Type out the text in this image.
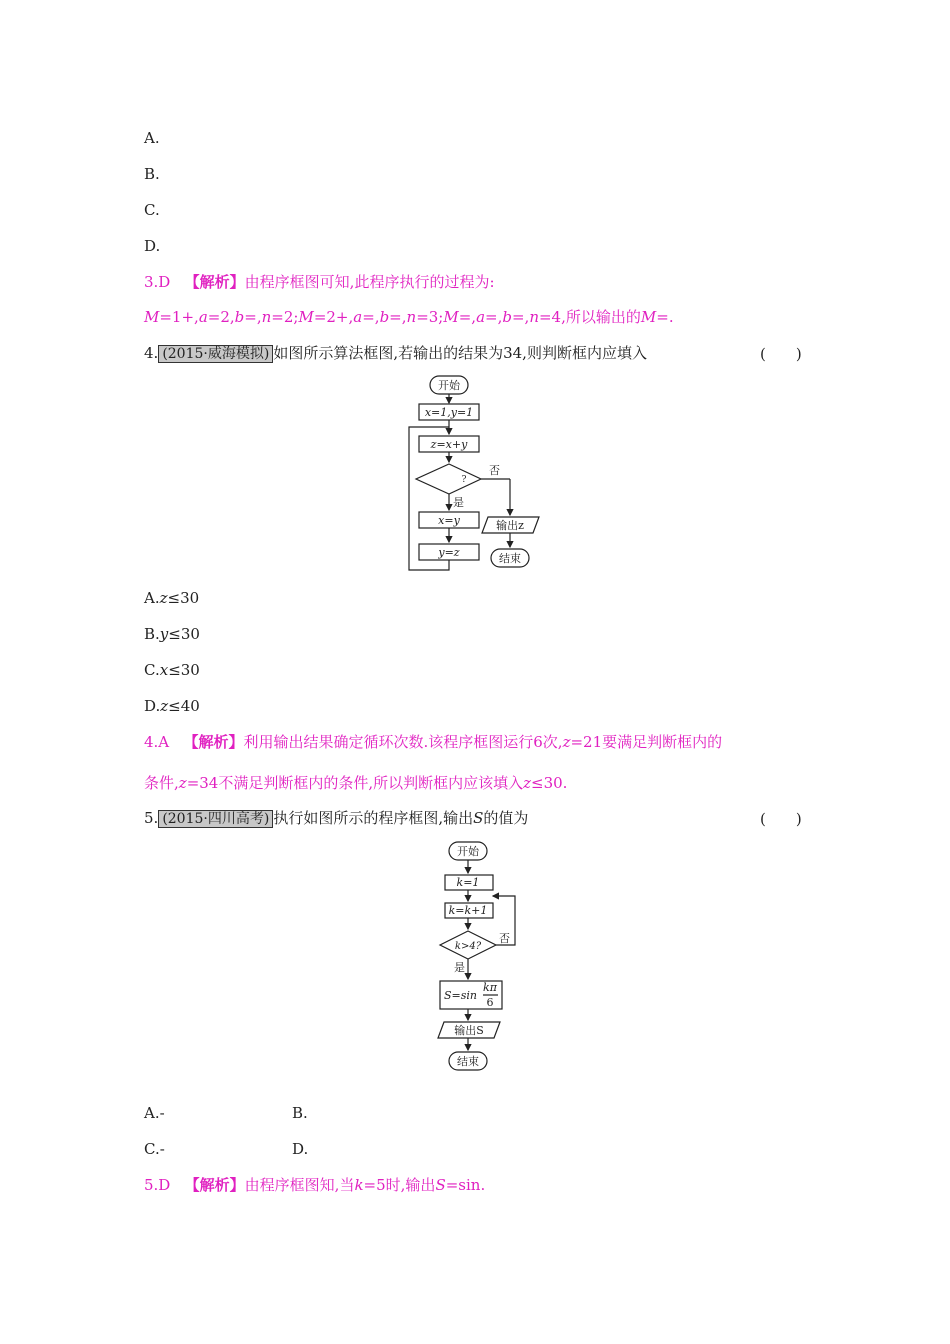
A.
B.
C.
D.
3.D 【解析】由程序框图可知,此程序执行的过程为:
M=1+,a=2,b=,n=2;M=2+,a=,b=,n=3;M=,a=,b=,n=4,所以输出的M=.
4. (2015·威海模拟) 如图所示算法框图,若输出的结果为34,则判断框内应填入	(　　)
开始
x=1,y=1
z=x+y
?
否
是
x=y
y=z
输出z
结束
A.z≤30
B.y≤30
C.x≤30
D.z≤40
4.A 【解析】利用输出结果确定循环次数.该程序框图运行6次,z=21要满足判断框内的
条件,z=34不满足判断框内的条件,所以判断框内应该填入z≤30.
5. (2015·四川高考) 执行如图所示的程序框图,输出S的值为	(　　)
开始
k=1
k=k+1
k>4?
否
是
S=sin
kπ
6
输出S
结束
A.-	B.
C.-	D.
5.D 【解析】由程序框图知,当k=5时,输出S=sin.
